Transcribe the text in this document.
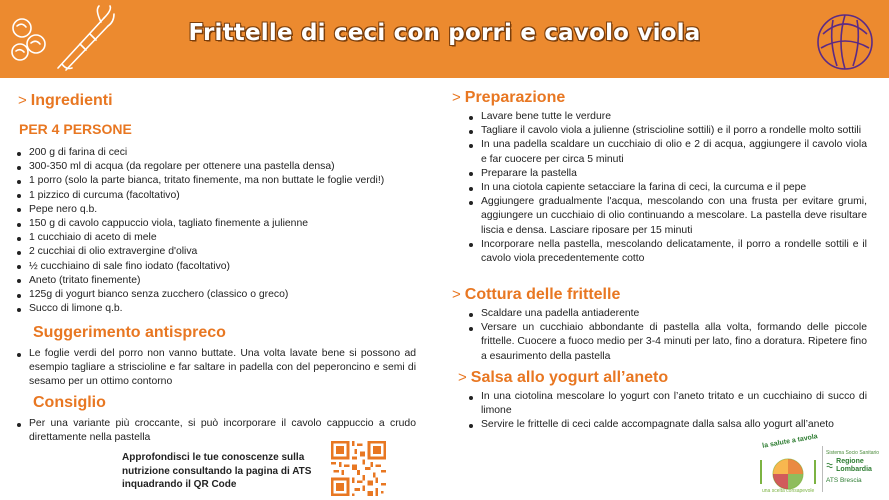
Frittelle di ceci con porri e cavolo viola
> Ingredienti
PER 4 PERSONE
200 g di farina di ceci
300-350 ml di acqua (da regolare per ottenere una pastella densa)
1 porro (solo la parte bianca, tritato finemente, ma non buttate le foglie verdi!)
1 pizzico di curcuma (facoltativo)
Pepe nero q.b.
150 g di cavolo cappuccio viola, tagliato finemente a julienne
1 cucchiaio di aceto di mele
2 cucchiai di olio extravergine d'oliva
½ cucchiaino di sale fino iodato (facoltativo)
Aneto (tritato finemente)
125g di yogurt bianco senza zucchero (classico o greco)
Succo di limone q.b.
Suggerimento antispreco
Le foglie verdi del porro non vanno buttate. Una volta lavate bene si possono ad esempio tagliare a striscioline e far saltare in padella con del peperoncino e semi di sesamo per un ottimo contorno
Consiglio
Per una variante più croccante, si può incorporare il cavolo cappuccio a crudo direttamente nella pastella
Approfondisci le tue conoscenze sulla nutrizione consultando la pagina di ATS inquadrando il QR Code
> Preparazione
Lavare bene tutte le verdure
Tagliare il cavolo viola a julienne (striscioline sottili) e il porro a rondelle molto sottili
In una padella scaldare un cucchiaio di olio e 2 di acqua, aggiungere il cavolo viola e far cuocere per circa 5 minuti
Preparare la pastella
In una ciotola capiente setacciare la farina di ceci, la curcuma e il pepe
Aggiungere gradualmente l'acqua, mescolando con una frusta per evitare grumi, aggiungere un cucchiaio di olio continuando a mescolare. La pastella deve risultare liscia e densa. Lasciare riposare per 15 minuti
Incorporare nella pastella, mescolando delicatamente, il porro a rondelle sottili e il cavolo viola precedentemente cotto
> Cottura delle frittelle
Scaldare una padella antiaderente
Versare un cucchiaio abbondante di pastella alla volta, formando delle piccole frittelle. Cuocere a fuoco medio per 3-4 minuti per lato, fino a doratura. Ripetere fino a esaurimento della pastella
> Salsa allo yogurt all’aneto
In una ciotolina mescolare lo yogurt con l’aneto tritato e un cucchiaino di succo di limone
Servire le frittelle di ceci calde accompagnate dalla salsa allo yogurt all’aneto
la salute a tavola
una scelta consapevole
Sistema Socio Sanitario
Regione Lombardia
ATS Brescia
